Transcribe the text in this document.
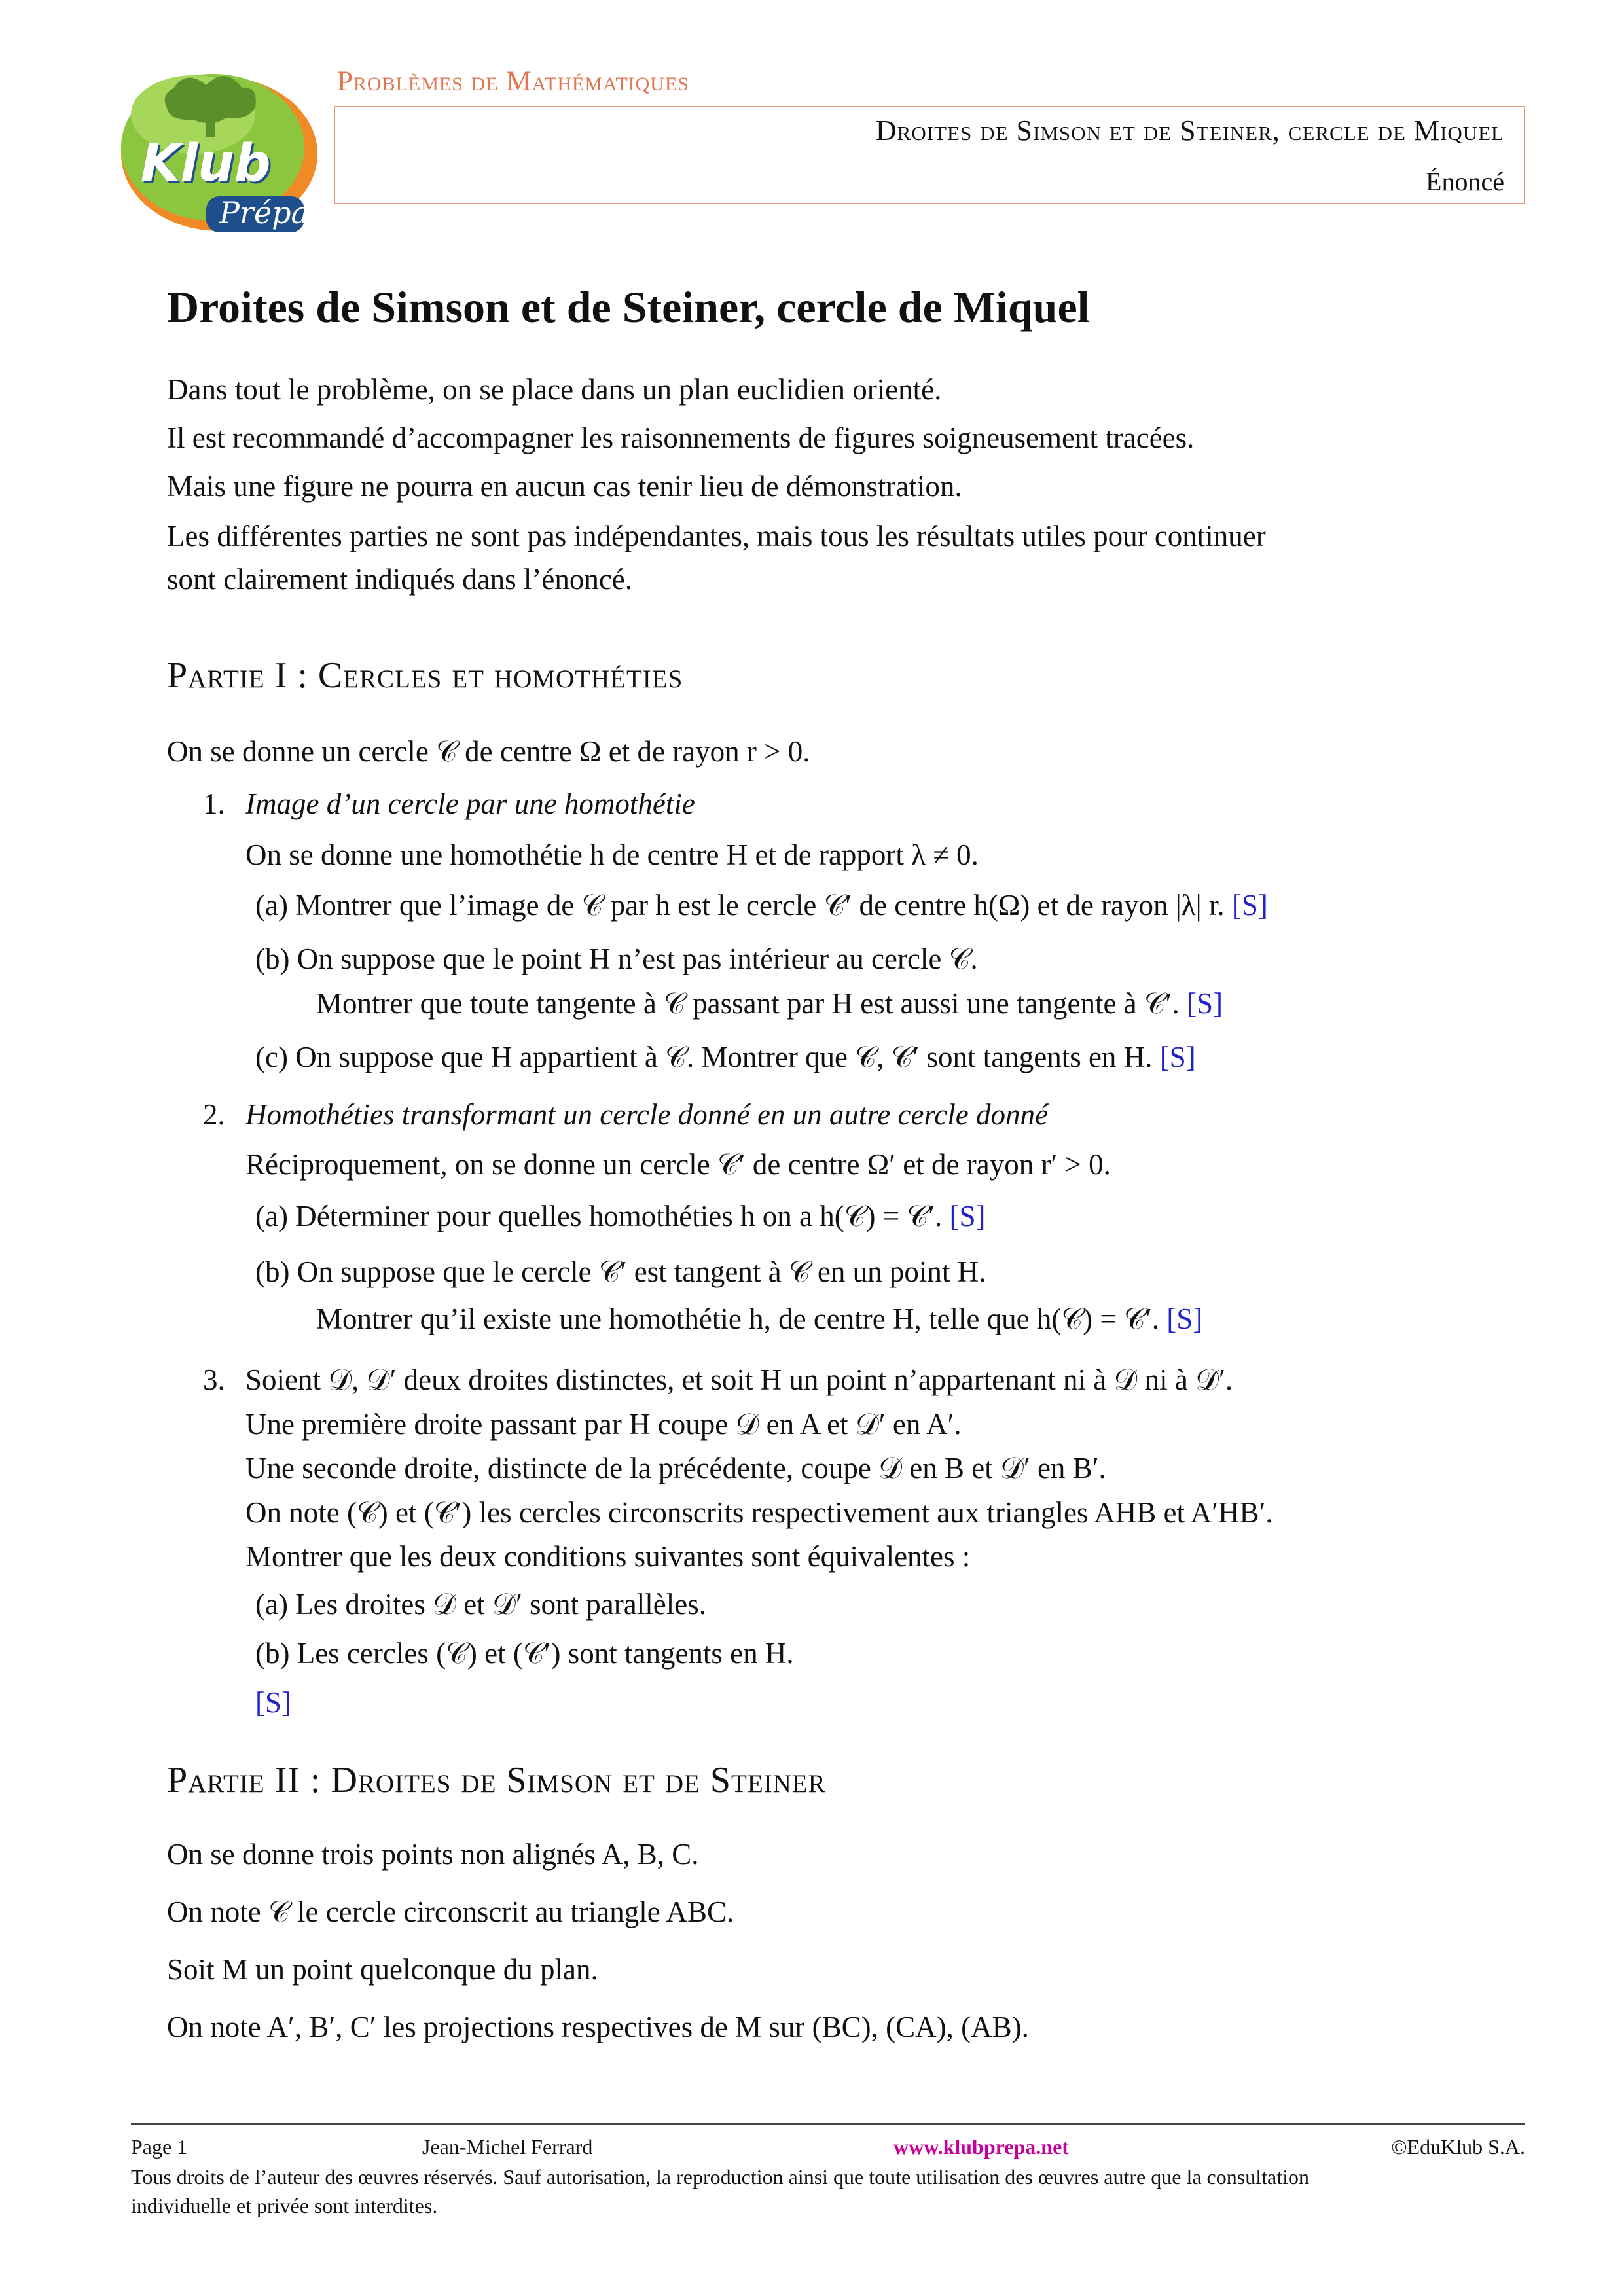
Klub
Prépa
Problèmes de Mathématiques
Droites de Simson et de Steiner, cercle de Miquel
Énoncé
Droites de Simson et de Steiner, cercle de Miquel
Dans tout le problème, on se place dans un plan euclidien orienté.
Il est recommandé d’accompagner les raisonnements de figures soigneusement tracées.
Mais une figure ne pourra en aucun cas tenir lieu de démonstration.
Les différentes parties ne sont pas indépendantes, mais tous les résultats utiles pour continuer
sont clairement indiqués dans l’énoncé.
Partie I : Cercles et homothéties
On se donne un cercle 𝒞 de centre Ω et de rayon r > 0.
1. Image d’un cercle par une homothétie
On se donne une homothétie h de centre H et de rapport λ ≠ 0.
(a) Montrer que l’image de 𝒞 par h est le cercle 𝒞′ de centre h(Ω) et de rayon |λ| r. [S]
(b) On suppose que le point H n’est pas intérieur au cercle 𝒞.
Montrer que toute tangente à 𝒞 passant par H est aussi une tangente à 𝒞′. [S]
(c) On suppose que H appartient à 𝒞. Montrer que 𝒞, 𝒞′ sont tangents en H. [S]
2. Homothéties transformant un cercle donné en un autre cercle donné
Réciproquement, on se donne un cercle 𝒞′ de centre Ω′ et de rayon r′ > 0.
(a) Déterminer pour quelles homothéties h on a h(𝒞) = 𝒞′. [S]
(b) On suppose que le cercle 𝒞′ est tangent à 𝒞 en un point H.
Montrer qu’il existe une homothétie h, de centre H, telle que h(𝒞) = 𝒞′. [S]
3. Soient 𝒟, 𝒟′ deux droites distinctes, et soit H un point n’appartenant ni à 𝒟 ni à 𝒟′.
Une première droite passant par H coupe 𝒟 en A et 𝒟′ en A′.
Une seconde droite, distincte de la précédente, coupe 𝒟 en B et 𝒟′ en B′.
On note (𝒞) et (𝒞′) les cercles circonscrits respectivement aux triangles AHB et A′HB′.
Montrer que les deux conditions suivantes sont équivalentes :
(a) Les droites 𝒟 et 𝒟′ sont parallèles.
(b) Les cercles (𝒞) et (𝒞′) sont tangents en H.
[S]
Partie II : Droites de Simson et de Steiner
On se donne trois points non alignés A, B, C.
On note 𝒞 le cercle circonscrit au triangle ABC.
Soit M un point quelconque du plan.
On note A′, B′, C′ les projections respectives de M sur (BC), (CA), (AB).
Page 1	Jean-Michel Ferrard	www.klubprepa.net	©EduKlub S.A.
Tous droits de l’auteur des œuvres réservés. Sauf autorisation, la reproduction ainsi que toute utilisation des œuvres autre que la consultation
individuelle et privée sont interdites.
